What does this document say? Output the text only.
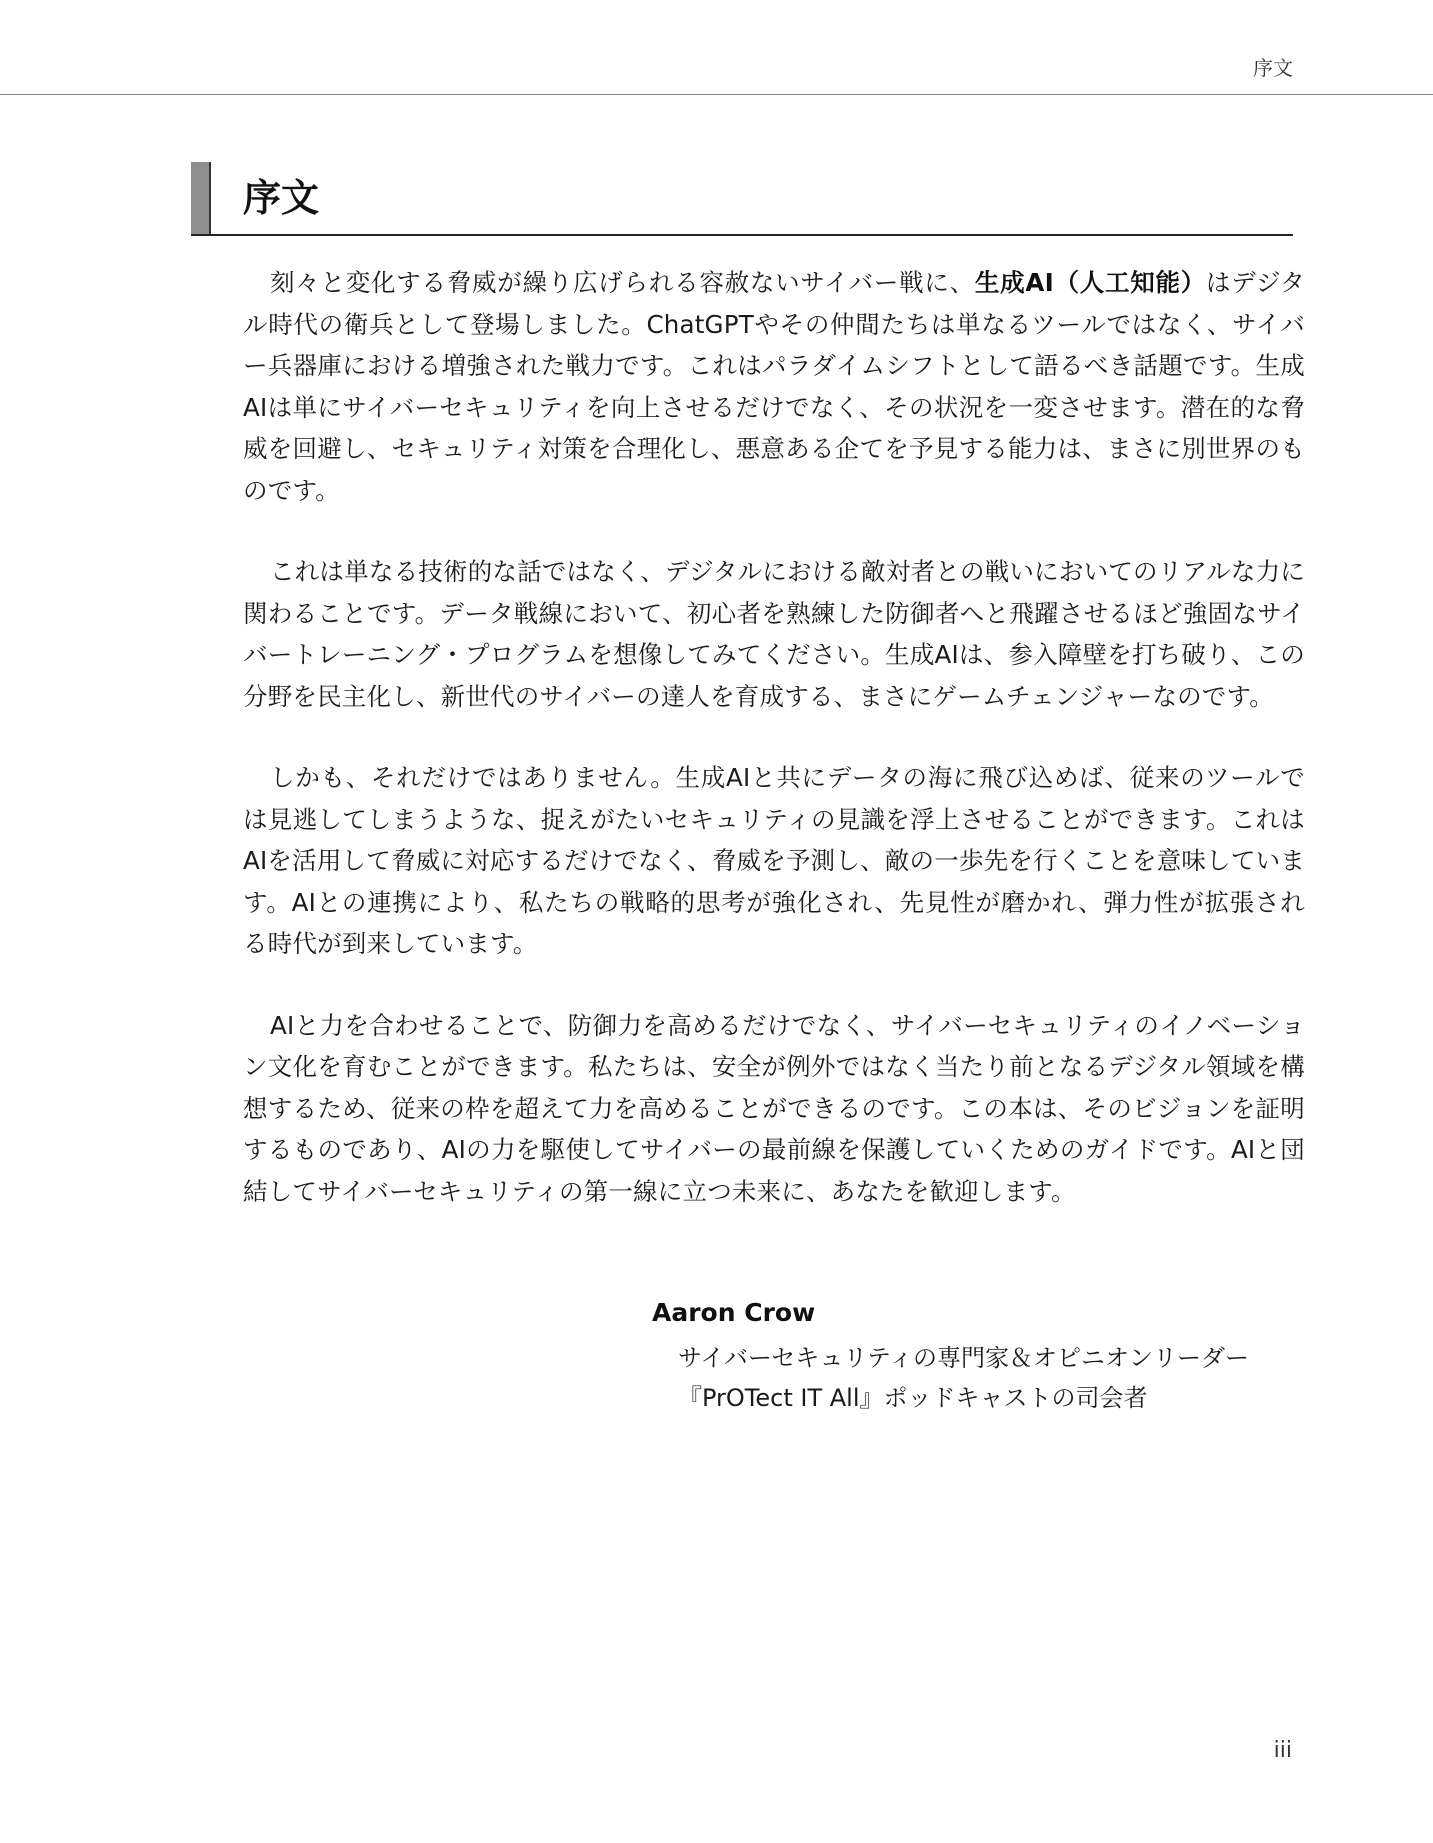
序文
序文

刻々と変化する脅威が繰り広げられる容赦ないサイバー戦に、生成AI（人工知能）はデジタル時代の衛兵として登場しました。ChatGPTやその仲間たちは単なるツールではなく、サイバー兵器庫における増強された戦力です。これはパラダイムシフトとして語るべき話題です。生成AIは単にサイバーセキュリティを向上させるだけでなく、その状況を一変させます。潜在的な脅威を回避し、セキュリティ対策を合理化し、悪意ある企てを予見する能力は、まさに別世界のものです。

これは単なる技術的な話ではなく、デジタルにおける敵対者との戦いにおいてのリアルな力に関わることです。データ戦線において、初心者を熟練した防御者へと飛躍させるほど強固なサイバートレーニング・プログラムを想像してみてください。生成AIは、参入障壁を打ち破り、この分野を民主化し、新世代のサイバーの達人を育成する、まさにゲームチェンジャーなのです。

しかも、それだけではありません。生成AIと共にデータの海に飛び込めば、従来のツールでは見逃してしまうような、捉えがたいセキュリティの見識を浮上させることができます。これはAIを活用して脅威に対応するだけでなく、脅威を予測し、敵の一歩先を行くことを意味しています。AIとの連携により、私たちの戦略的思考が強化され、先見性が磨かれ、弾力性が拡張される時代が到来しています。

AIと力を合わせることで、防御力を高めるだけでなく、サイバーセキュリティのイノベーション文化を育むことができます。私たちは、安全が例外ではなく当たり前となるデジタル領域を構想するため、従来の枠を超えて力を高めることができるのです。この本は、そのビジョンを証明するものであり、AIの力を駆使してサイバーの最前線を保護していくためのガイドです。AIと団結してサイバーセキュリティの第一線に立つ未来に、あなたを歓迎します。

Aaron Crow
サイバーセキュリティの専門家＆オピニオンリーダー
『PrOTect IT All』ポッドキャストの司会者
iii
